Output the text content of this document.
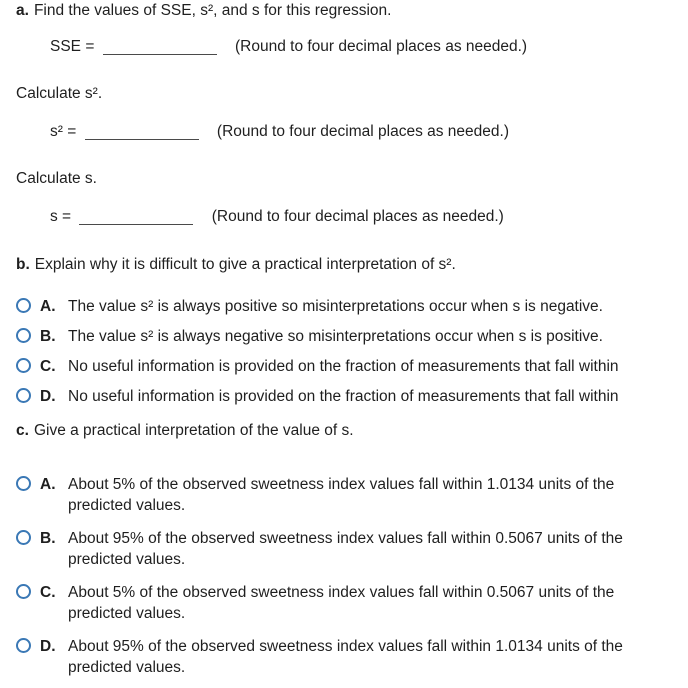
a. Find the values of SSE, s², and s for this regression.
SSE =	(Round to four decimal places as needed.)
Calculate s².
s² =	(Round to four decimal places as needed.)
Calculate s.
s =	(Round to four decimal places as needed.)
b. Explain why it is difficult to give a practical interpretation of s².
A. The value s² is always positive so misinterpretations occur when s is negative.
B. The value s² is always negative so misinterpretations occur when s is positive.
C. No useful information is provided on the fraction of measurements that fall within
D. No useful information is provided on the fraction of measurements that fall within
c. Give a practical interpretation of the value of s.
A. About 5% of the observed sweetness index values fall within 1.0134 units of the
predicted values.
B. About 95% of the observed sweetness index values fall within 0.5067 units of the
predicted values.
C. About 5% of the observed sweetness index values fall within 0.5067 units of the
predicted values.
D. About 95% of the observed sweetness index values fall within 1.0134 units of the
predicted values.
